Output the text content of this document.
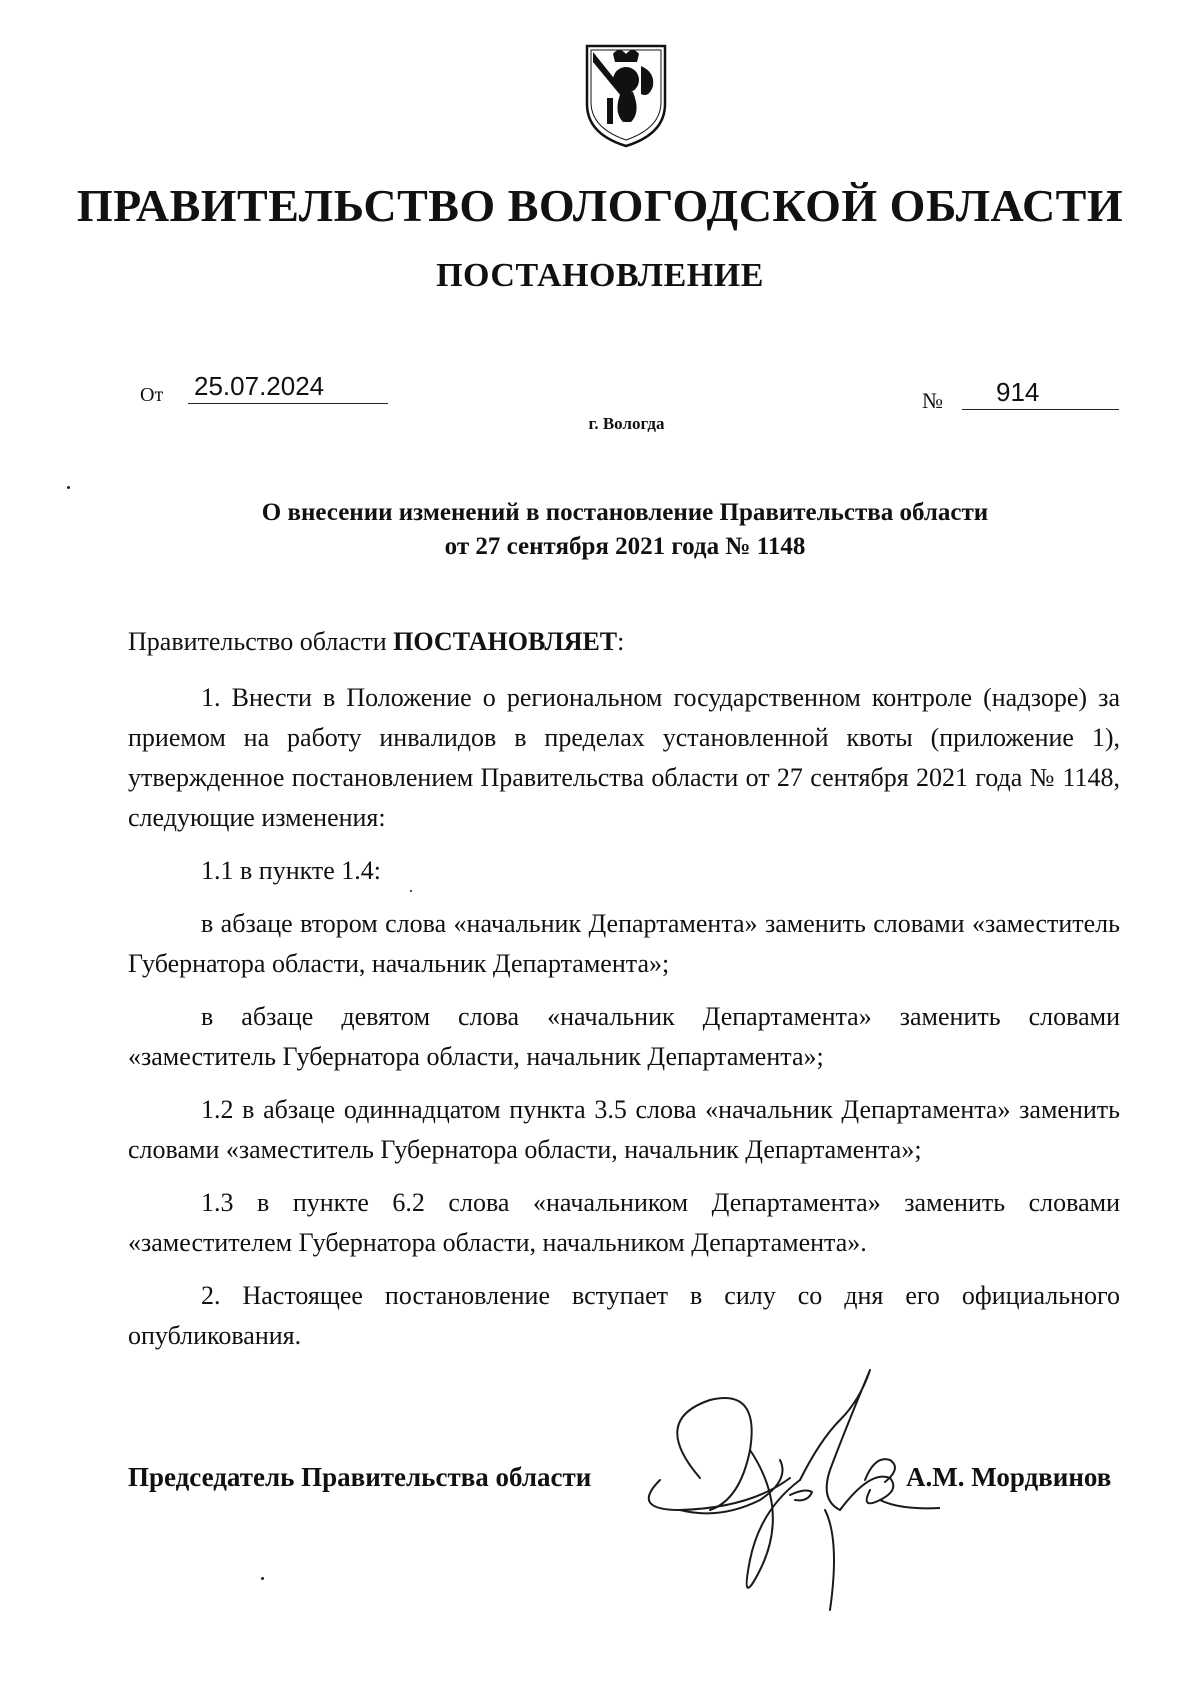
ПРАВИТЕЛЬСТВО ВОЛОГОДСКОЙ ОБЛАСТИ
ПОСТАНОВЛЕНИЕ
От 25.07.2024	№	914
г. Вологда
О внесении изменений в постановление Правительства области
от 27 сентября 2021 года № 1148

Правительство области ПОСТАНОВЛЯЕТ:

1. Внести в Положение о региональном государственном контроле (надзоре) за приемом на работу инвалидов в пределах установленной квоты (приложение 1), утвержденное постановлением Правительства области от 27 сентября 2021 года № 1148, следующие изменения:

1.1 в пункте 1.4:

в абзаце втором слова «начальник Департамента» заменить словами «заместитель Губернатора области, начальник Департамента»;

в абзаце девятом слова «начальник Департамента» заменить словами «заместитель Губернатора области, начальник Департамента»;

1.2 в абзаце одиннадцатом пункта 3.5 слова «начальник Департамента» заменить словами «заместитель Губернатора области, начальник Департамента»;

1.3 в пункте 6.2 слова «начальником Департамента» заменить словами «заместителем Губернатора области, начальником Департамента».

2. Настоящее постановление вступает в силу со дня его официального опубликования.

Председатель Правительства области	А.М. Мордвинов
